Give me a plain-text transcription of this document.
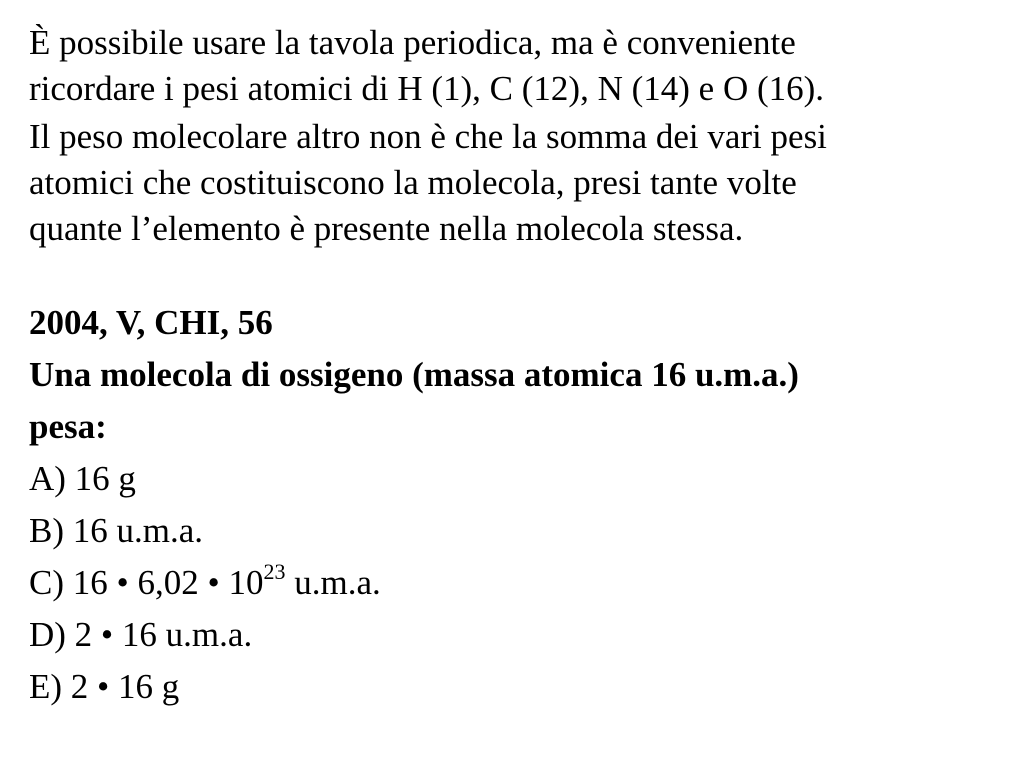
È possibile usare la tavola periodica, ma è conveniente
ricordare i pesi atomici di H (1), C (12), N (14) e O (16).

Il peso molecolare altro non è che la somma dei vari pesi
atomici che costituiscono la molecola, presi tante volte
quante l’elemento è presente nella molecola stessa.

2004, V, CHI, 56
Una molecola di ossigeno (massa atomica 16 u.m.a.)
pesa:
A) 16 g
B) 16 u.m.a.
C) 16 • 6,02 • $10^{23}$ u.m.a.
D) 2 • 16 u.m.a.
E) 2 • 16 g
